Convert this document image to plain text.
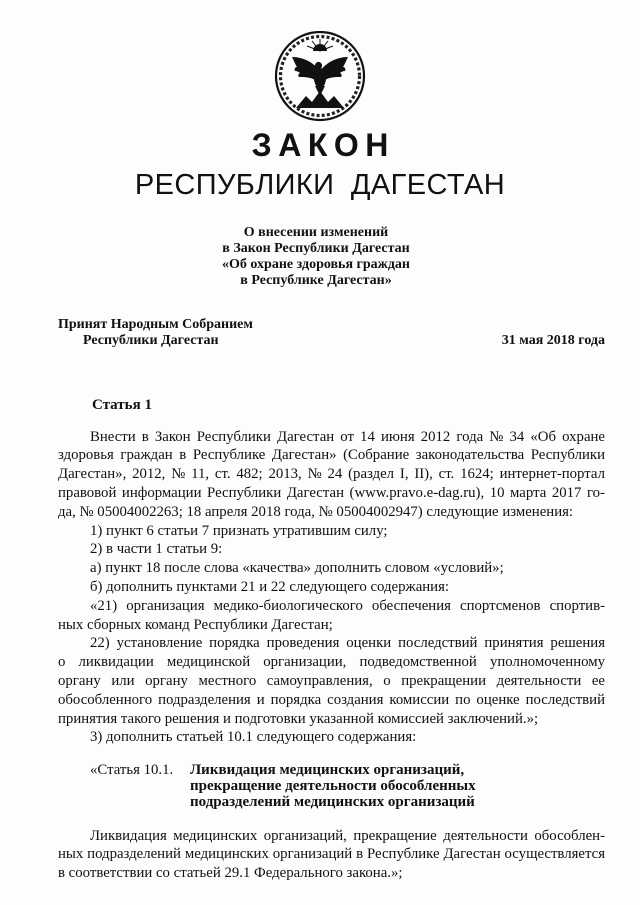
ЗАКОН
РЕСПУБЛИКИ ДАГЕСТАН
О внесении изменений
в Закон Республики Дагестан
«Об охране здоровья граждан
в Республике Дагестан»
Принят Народным Собранием
Республики Дагестан	31 мая 2018 года
Статья 1
Внести в Закон Республики Дагестан от 14 июня 2012 года № 34 «Об охране
здоровья граждан в Республике Дагестан» (Собрание законодательства Республики
Дагестан», 2012, № 11, ст. 482; 2013, № 24 (раздел I, II), ст. 1624; интернет-портал
правовой информации Республики Дагестан (www.pravo.e-dag.ru), 10 марта 2017 го-
да, № 05004002263; 18 апреля 2018 года, № 05004002947) следующие изменения:
1) пункт 6 статьи 7 признать утратившим силу;
2) в части 1 статьи 9:
а) пункт 18 после слова «качества» дополнить словом «условий»;
б) дополнить пунктами 21 и 22 следующего содержания:
«21) организация медико-биологического обеспечения спортсменов спортив-
ных сборных команд Республики Дагестан;
22) установление порядка проведения оценки последствий принятия решения
о ликвидации медицинской организации, подведомственной уполномоченному
органу или органу местного самоуправления, о прекращении деятельности ее
обособленного подразделения и порядка создания комиссии по оценке последствий
принятия такого решения и подготовки указанной комиссией заключений.»;
3) дополнить статьей 10.1 следующего содержания:
«Статья 10.1. Ликвидация медицинских организаций,
прекращение деятельности обособленных
подразделений медицинских организаций
Ликвидация медицинских организаций, прекращение деятельности обособлен-
ных подразделений медицинских организаций в Республике Дагестан осуществляется
в соответствии со статьей 29.1 Федерального закона.»;
